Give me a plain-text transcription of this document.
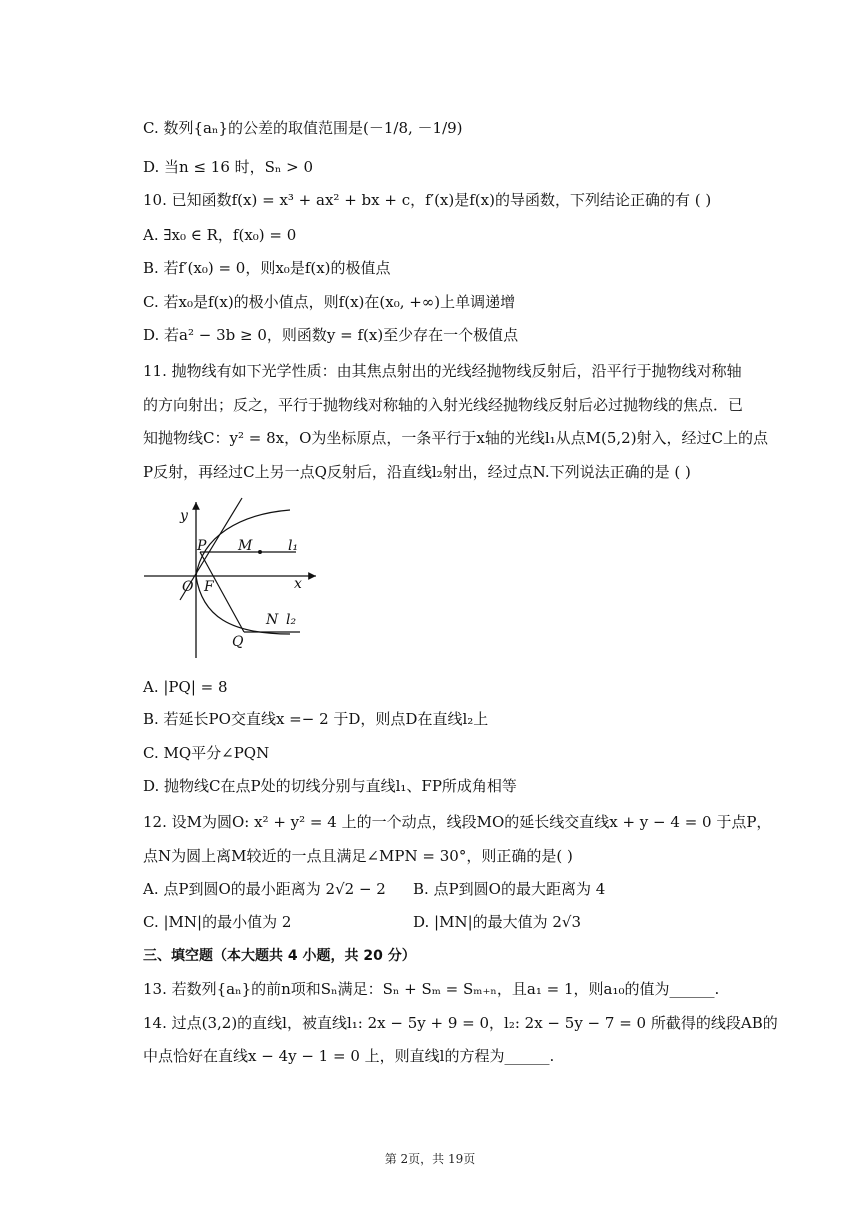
C. 数列{aₙ}的公差的取值范围是(－1/8, －1/9)
D. 当n ≤ 16 时，Sₙ > 0
10. 已知函数f(x) = x³ + ax² + bx + c，f′(x)是f(x)的导函数，下列结论正确的有 ( )
A. ∃x₀ ∈ R，f(x₀) = 0
B. 若f′(x₀) = 0，则x₀是f(x)的极值点
C. 若x₀是f(x)的极小值点，则f(x)在(x₀, +∞)上单调递增
D. 若a² − 3b ≥ 0，则函数y = f(x)至少存在一个极值点
11. 抛物线有如下光学性质：由其焦点射出的光线经抛物线反射后，沿平行于抛物线对称轴
的方向射出；反之，平行于抛物线对称轴的入射光线经抛物线反射后必过抛物线的焦点．已
知抛物线C：y² = 8x，O为坐标原点，一条平行于x轴的光线l₁从点M(5,2)射入，经过C上的点
P反射，再经过C上另一点Q反射后，沿直线l₂射出，经过点N.下列说法正确的是 ( )
y
x
P M	l₁
O F
N l₂
Q
A. |PQ| = 8
B. 若延长PO交直线x =− 2 于D，则点D在直线l₂上
C. MQ平分∠PQN
D. 抛物线C在点P处的切线分别与直线l₁、FP所成角相等
12. 设M为圆O: x² + y² = 4 上的一个动点，线段MO的延长线交直线x + y − 4 = 0 于点P，
点N为圆上离M较近的一点且满足∠MPN = 30°，则正确的是( )
A. 点P到圆O的最小距离为 2√2 − 2 B. 点P到圆O的最大距离为 4
C. |MN|的最小值为 2	D. |MN|的最大值为 2√3
三、填空题（本大题共 4 小题，共 20 分）
13. 若数列{aₙ}的前n项和Sₙ满足：Sₙ + Sₘ = Sₘ₊ₙ，且a₁ = 1，则a₁₀的值为______.
14. 过点(3,2)的直线l，被直线l₁: 2x − 5y + 9 = 0，l₂: 2x − 5y − 7 = 0 所截得的线段AB的
中点恰好在直线x − 4y − 1 = 0 上，则直线l的方程为______.
第 2页，共 19页
